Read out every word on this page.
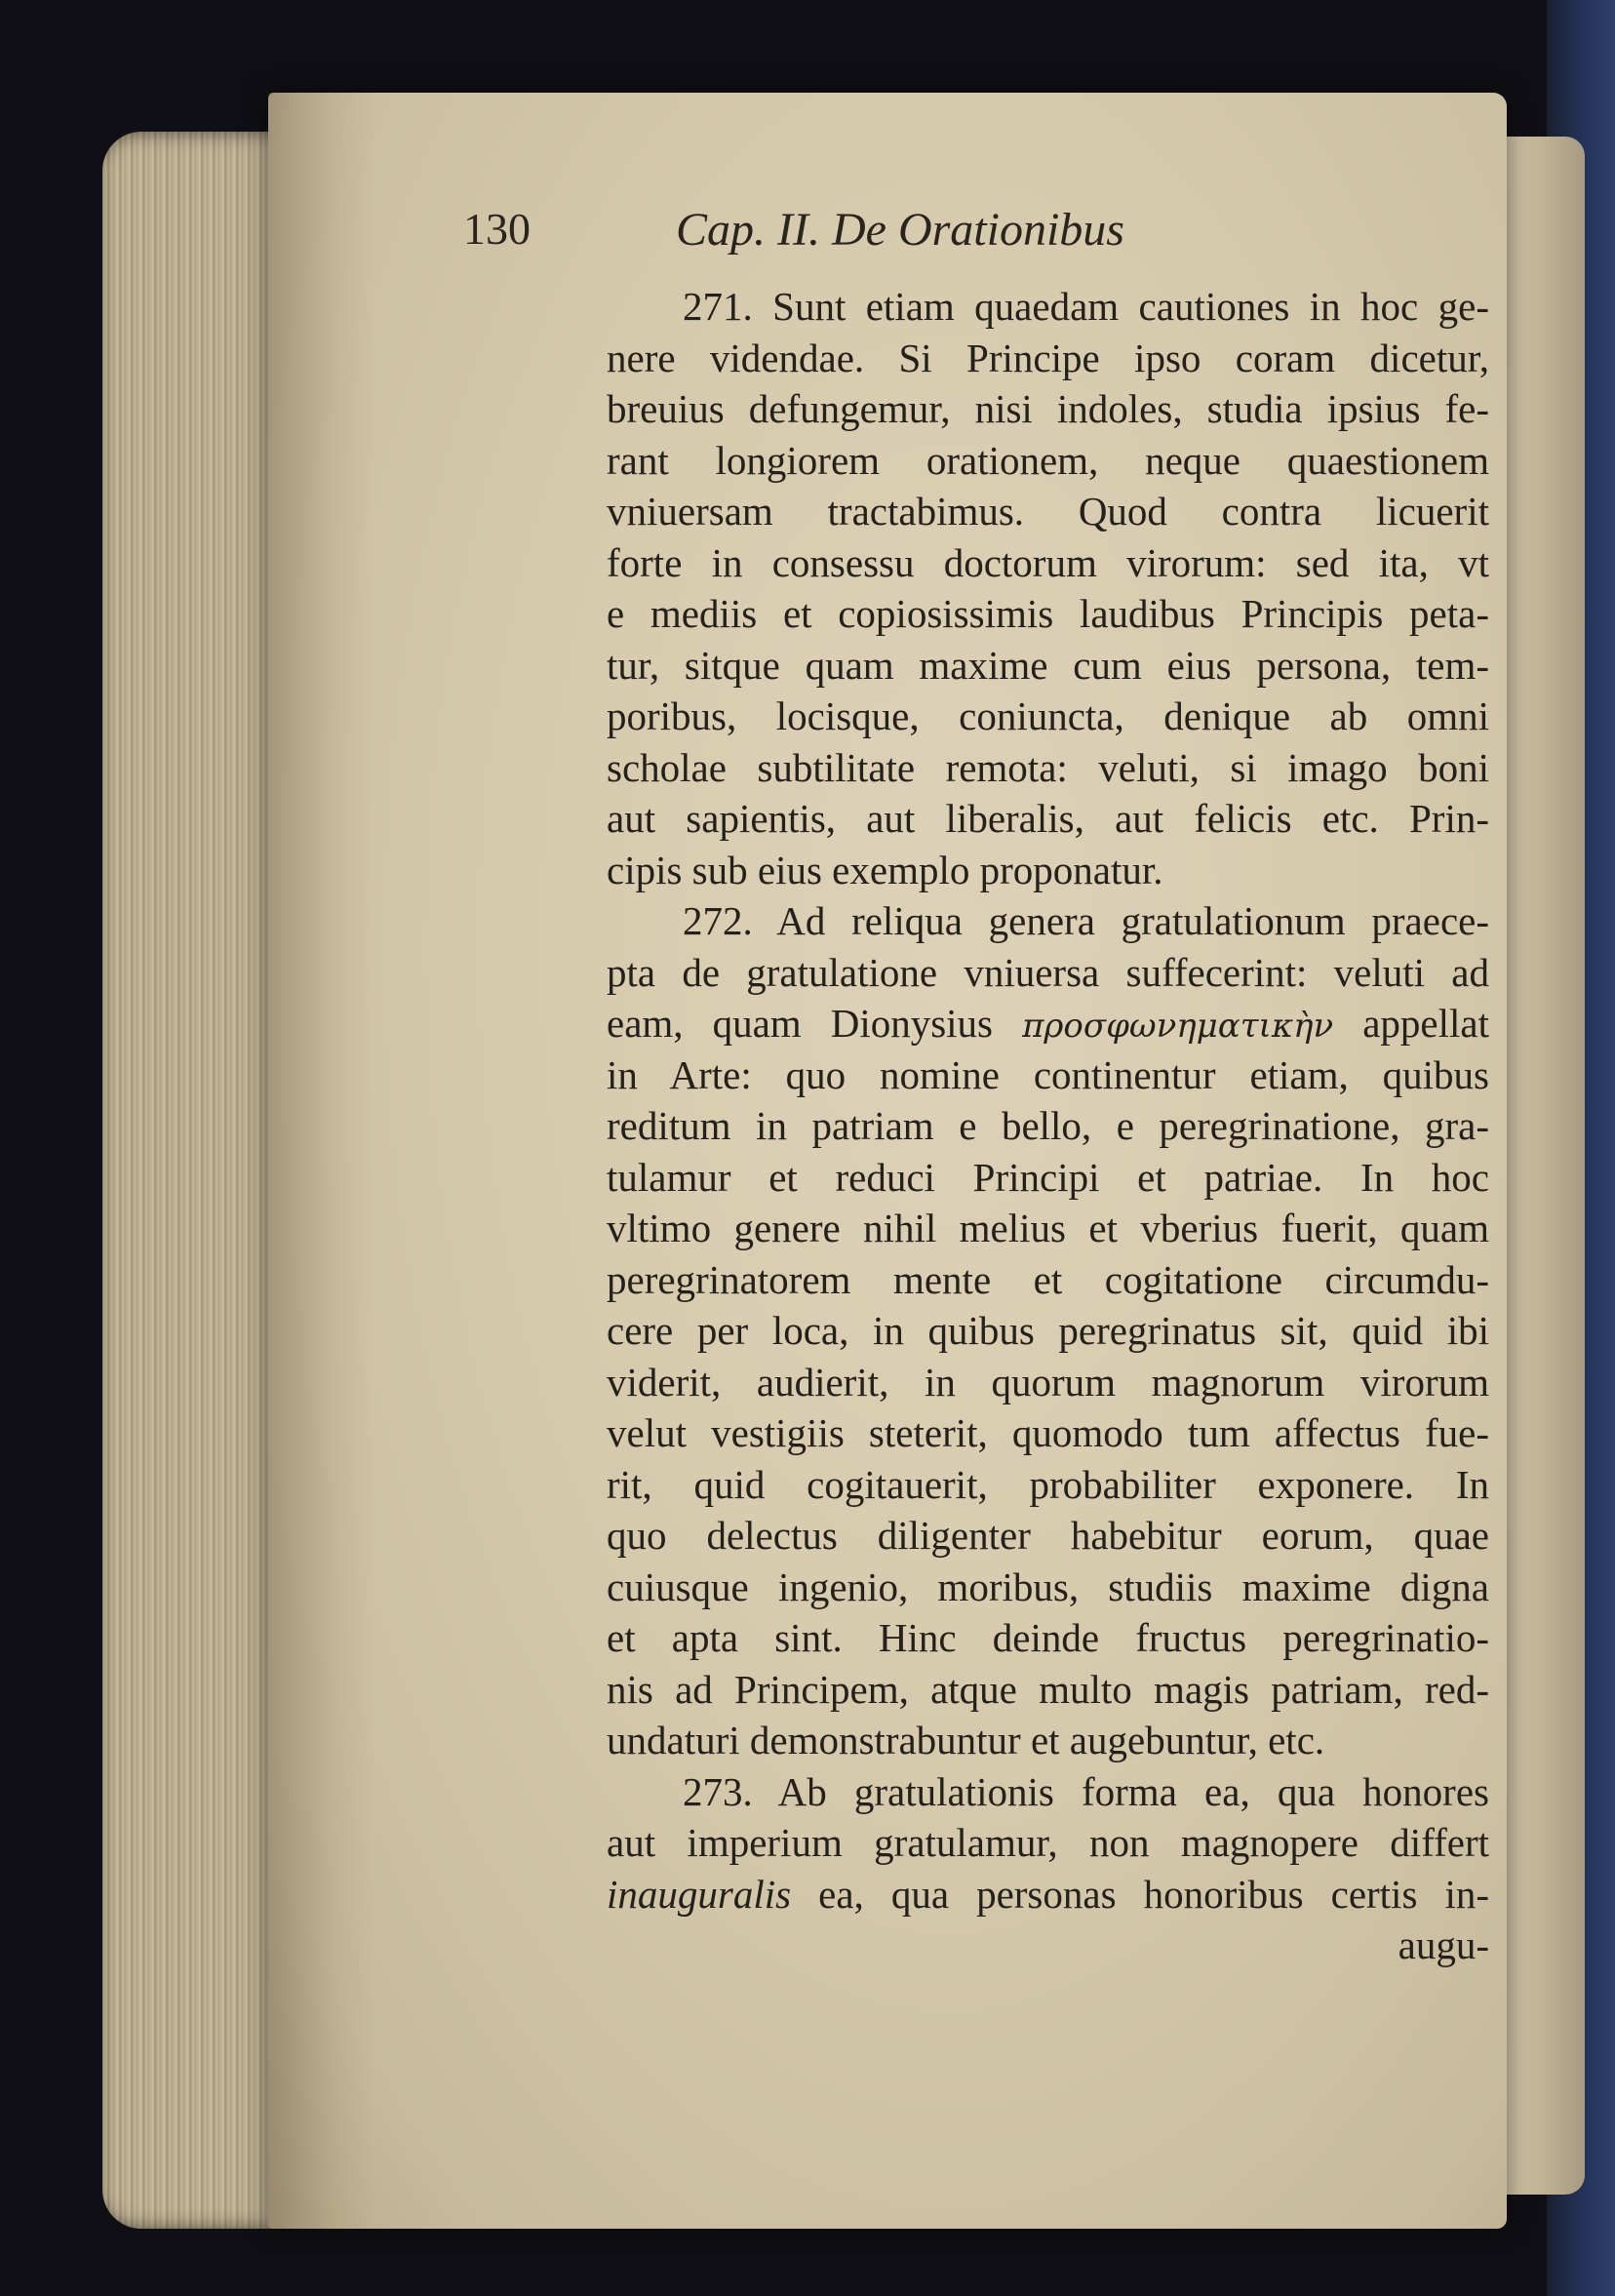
130	Cap. II. De Orationibus
271. Sunt etiam quaedam cautiones in hoc ge-
nere videndae. Si Principe ipso coram dicetur,
breuius defungemur, nisi indoles, studia ipsius fe-
rant longiorem orationem, neque quaestionem
vniuersam tractabimus. Quod contra licuerit
forte in consessu doctorum virorum: sed ita, vt
e mediis et copiosissimis laudibus Principis peta-
tur, sitque quam maxime cum eius persona, tem-
poribus, locisque, coniuncta, denique ab omni
scholae subtilitate remota: veluti, si imago boni
aut sapientis, aut liberalis, aut felicis etc. Prin-
cipis sub eius exemplo proponatur.
272. Ad reliqua genera gratulationum praece-
pta de gratulatione vniuersa suffecerint: veluti ad
eam, quam Dionysius προσφωνηματικὴν appellat
in Arte: quo nomine continentur etiam, quibus
reditum in patriam e bello, e peregrinatione, gra-
tulamur et reduci Principi et patriae. In hoc
vltimo genere nihil melius et vberius fuerit, quam
peregrinatorem mente et cogitatione circumdu-
cere per loca, in quibus peregrinatus sit, quid ibi
viderit, audierit, in quorum magnorum virorum
velut vestigiis steterit, quomodo tum affectus fue-
rit, quid cogitauerit, probabiliter exponere. In
quo delectus diligenter habebitur eorum, quae
cuiusque ingenio, moribus, studiis maxime digna
et apta sint. Hinc deinde fructus peregrinatio-
nis ad Principem, atque multo magis patriam, red-
undaturi demonstrabuntur et augebuntur, etc.
273. Ab gratulationis forma ea, qua honores
aut imperium gratulamur, non magnopere differt
inauguralis ea, qua personas honoribus certis in-
augu-
